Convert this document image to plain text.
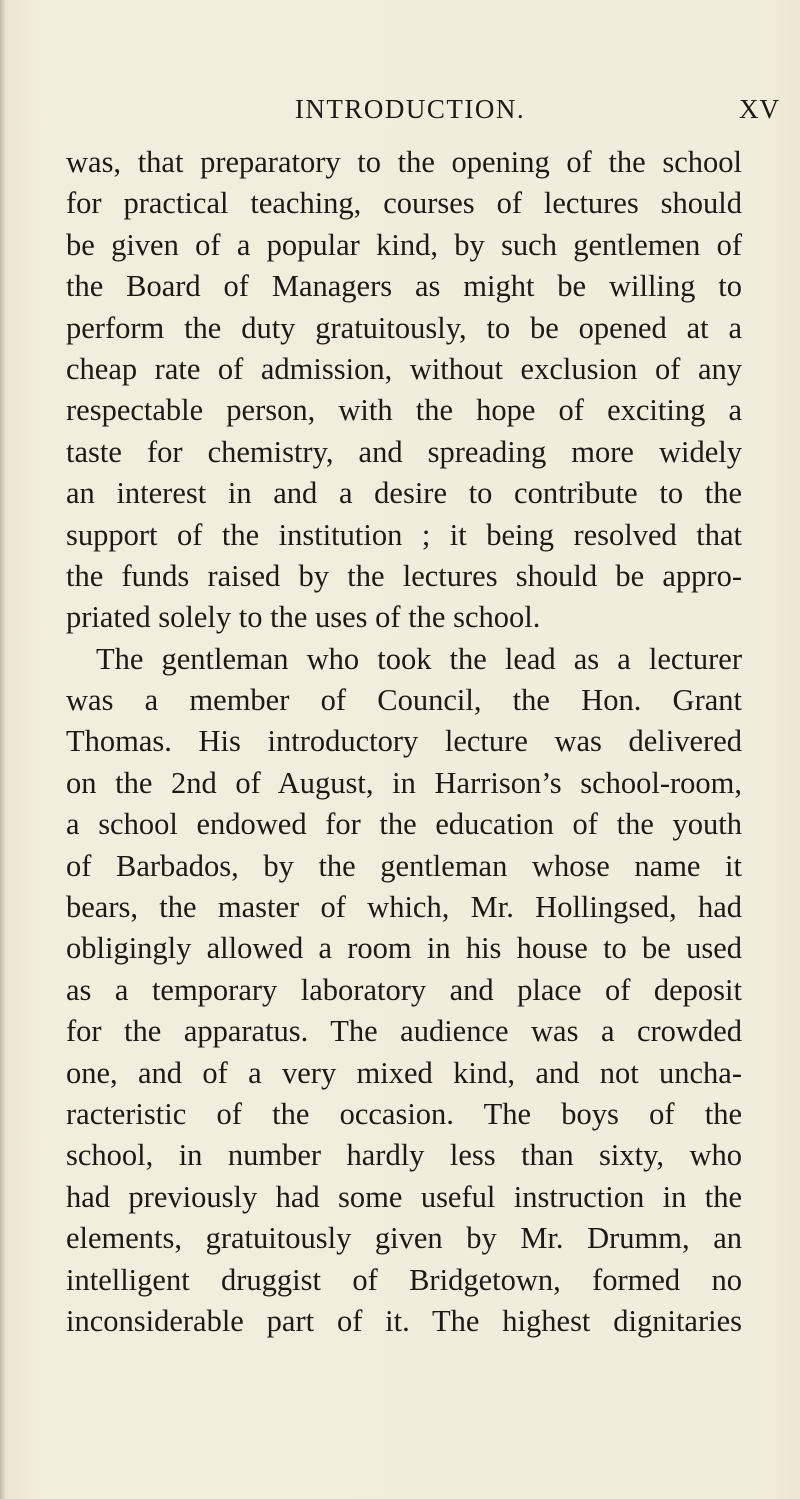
INTRODUCTION.	XV
was, that preparatory to the opening of the school
for practical teaching, courses of lectures should
be given of a popular kind, by such gentlemen of
the Board of Managers as might be willing to
perform the duty gratuitously, to be opened at a
cheap rate of admission, without exclusion of any
respectable person, with the hope of exciting a
taste for chemistry, and spreading more widely
an interest in and a desire to contribute to the
support of the institution ; it being resolved that
the funds raised by the lectures should be appro-
priated solely to the uses of the school.
The gentleman who took the lead as a lecturer
was a member of Council, the Hon. Grant
Thomas. His introductory lecture was delivered
on the 2nd of August, in Harrison’s school-room,
a school endowed for the education of the youth
of Barbados, by the gentleman whose name it
bears, the master of which, Mr. Hollingsed, had
obligingly allowed a room in his house to be used
as a temporary laboratory and place of deposit
for the apparatus. The audience was a crowded
one, and of a very mixed kind, and not uncha-
racteristic of the occasion. The boys of the
school, in number hardly less than sixty, who
had previously had some useful instruction in the
elements, gratuitously given by Mr. Drumm, an
intelligent druggist of Bridgetown, formed no
inconsiderable part of it. The highest dignitaries
